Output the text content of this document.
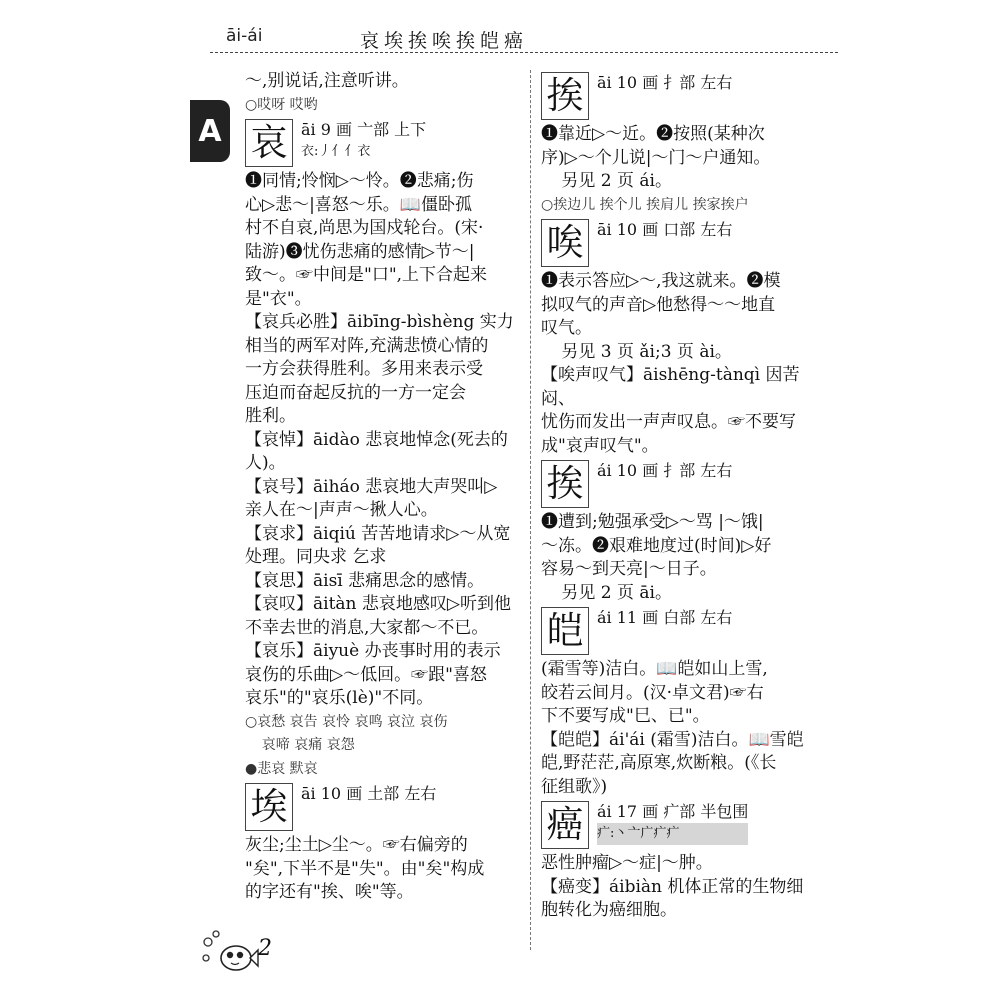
āi-ái	哀埃挨唉挨皑癌
A

～,别说话,注意听讲。

○哎呀 哎哟

哀 āi 9 画 亠部 上下
衣:丿亻亻衣

❶同情;怜悯▷～怜。❷悲痛;伤

心▷悲～|喜怒～乐。📖僵卧孤

村不自哀,尚思为国戍轮台。(宋·

陆游)❸忧伤悲痛的感情▷节～|

致～。☞中间是"口",上下合起来

是"衣"。

【哀兵必胜】āibīng-bìshèng 实力

相当的两军对阵,充满悲愤心情的

一方会获得胜利。多用来表示受

压迫而奋起反抗的一方一定会

胜利。

【哀悼】āidào 悲哀地悼念(死去的

人)。

【哀号】āiháo 悲哀地大声哭叫▷

亲人在～|声声～揪人心。

【哀求】āiqiú 苦苦地请求▷～从宽

处理。同央求 乞求

【哀思】āisī 悲痛思念的感情。

【哀叹】āitàn 悲哀地感叹▷听到他

不幸去世的消息,大家都～不已。

【哀乐】āiyuè 办丧事时用的表示

哀伤的乐曲▷～低回。☞跟"喜怒

哀乐"的"哀乐(lè)"不同。

○哀愁 哀告 哀怜 哀鸣 哀泣 哀伤

哀啼 哀痛 哀怨

●悲哀 默哀

埃 āi 10 画 土部 左右

灰尘;尘土▷尘～。☞右偏旁的

"矣",下半不是"失"。由"矣"构成

的字还有"挨、唉"等。

挨 āi 10 画 扌部 左右

❶靠近▷～近。❷按照(某种次

序)▷～个儿说|～门～户通知。

另见 2 页 ái。

○挨边儿 挨个儿 挨肩儿 挨家挨户

唉 āi 10 画 口部 左右

❶表示答应▷～,我这就来。❷模

拟叹气的声音▷他愁得～～地直

叹气。

另见 3 页 ǎi;3 页 ài。

【唉声叹气】āishēng-tànqì 因苦闷、

忧伤而发出一声声叹息。☞不要写

成"哀声叹气"。

挨 ái 10 画 扌部 左右

❶遭到;勉强承受▷～骂 |～饿|

～冻。❷艰难地度过(时间)▷好

容易～到天亮|～日子。

另见 2 页 āi。

皑 ái 11 画 白部 左右

(霜雪等)洁白。📖皑如山上雪,

皎若云间月。(汉·卓文君)☞右

下不要写成"巳、已"。

【皑皑】ái'ái (霜雪)洁白。📖雪皑

皑,野茫茫,高原寒,炊断粮。(《长

征组歌》)

癌 ái 17 画 疒部 半包围
疒:丶亠广疒疒

恶性肿瘤▷～症|～肿。

【癌变】áibiàn 机体正常的生物细

胞转化为癌细胞。

2
